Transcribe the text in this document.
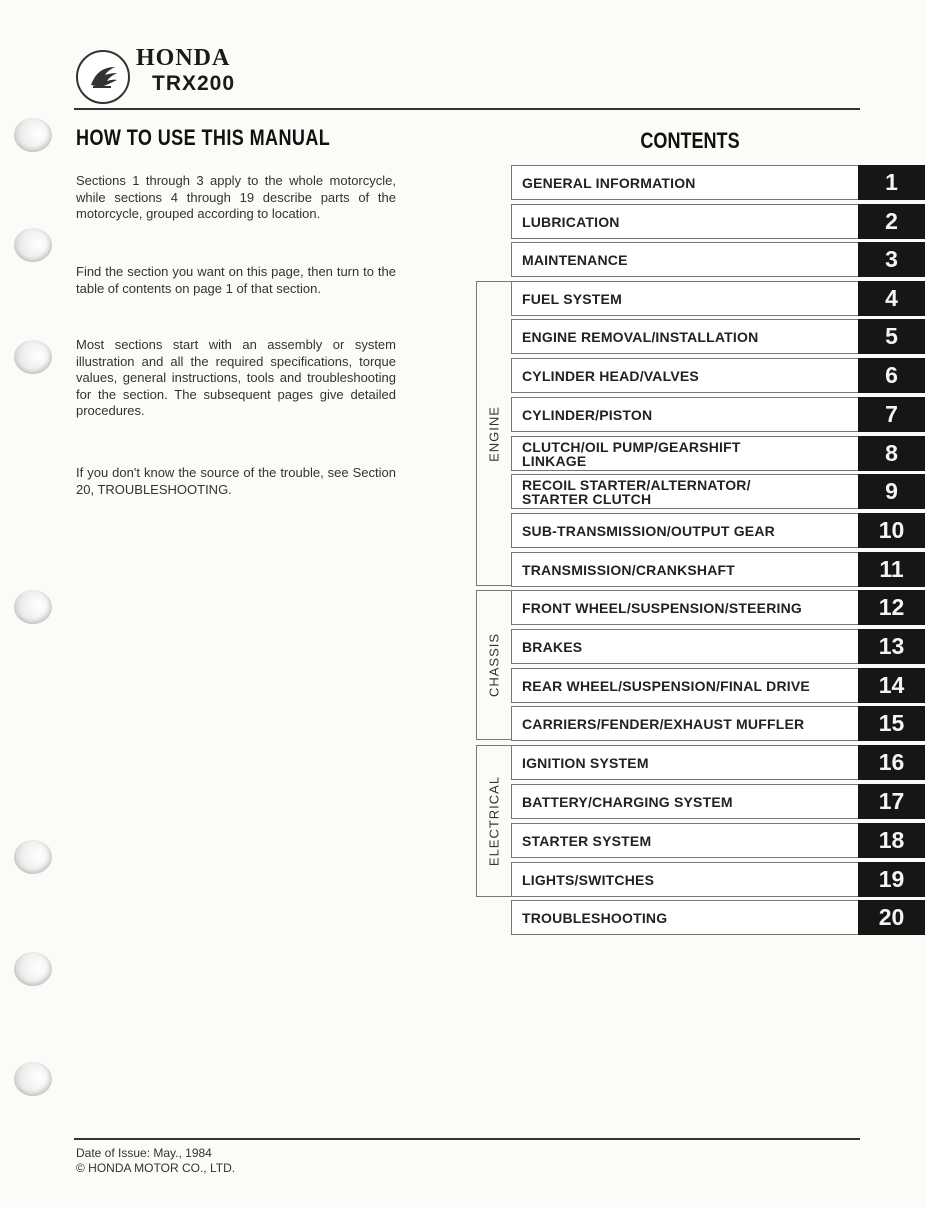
HONDA
TRX200
HOW TO USE THIS MANUAL

Sections 1 through 3 apply to the whole motorcycle, while sections 4 through 19 describe parts of the motorcycle, grouped according to location.

Find the section you want on this page, then turn to the table of contents on page 1 of that section.

Most sections start with an assembly or system illustration and all the required specifications, torque values, general instructions, tools and troubleshooting for the section. The subsequent pages give detailed procedures.

If you don't know the source of the trouble, see Section 20, TROUBLESHOOTING.

CONTENTS
ENGINE
CHASSIS
ELECTRICAL
GENERAL INFORMATION	1
LUBRICATION	2
MAINTENANCE	3
FUEL SYSTEM	4
ENGINE REMOVAL/INSTALLATION	5
CYLINDER HEAD/VALVES	6
CYLINDER/PISTON	7
CLUTCH/OIL PUMP/GEARSHIFT LINKAGE	8
RECOIL STARTER/ALTERNATOR/ STARTER CLUTCH	9
SUB-TRANSMISSION/OUTPUT GEAR	10
TRANSMISSION/CRANKSHAFT	11
FRONT WHEEL/SUSPENSION/STEERING	12
BRAKES	13
REAR WHEEL/SUSPENSION/FINAL DRIVE	14
CARRIERS/FENDER/EXHAUST MUFFLER	15
IGNITION SYSTEM	16
BATTERY/CHARGING SYSTEM	17
STARTER SYSTEM	18
LIGHTS/SWITCHES	19
TROUBLESHOOTING	20
Date of Issue: May., 1984
© HONDA MOTOR CO., LTD.
